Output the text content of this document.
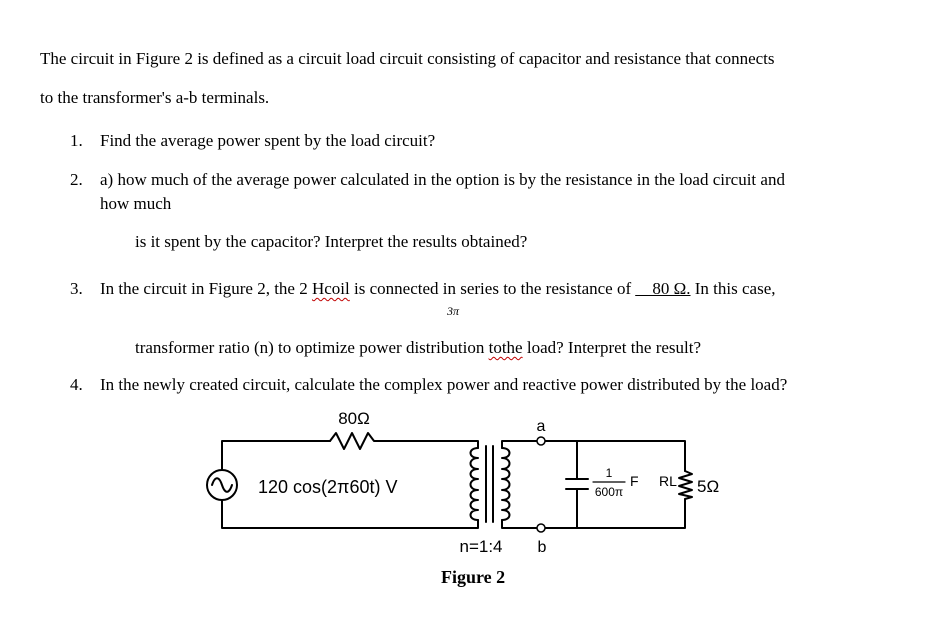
The circuit in Figure 2 is defined as a circuit load circuit consisting of capacitor and resistance that connects
to the transformer's a-b terminals.
1. Find the average power spent by the load circuit?
2. a) how much of the average power calculated in the option is by the resistance in the load circuit and
how much
is it spent by the capacitor? Interpret the results obtained?
3. In the circuit in Figure 2, the 2 Hcoil is connected in series to the resistance of __80 Ω. In this case,
3π
transformer ratio (n) to optimize power distribution tothe load? Interpret the result?
4. In the newly created circuit, calculate the complex power and reactive power distributed by the load?
80Ω
120 cos(2π60t) V
a
b
n=1:4
1
600π
F RL 5Ω
Figure 2
